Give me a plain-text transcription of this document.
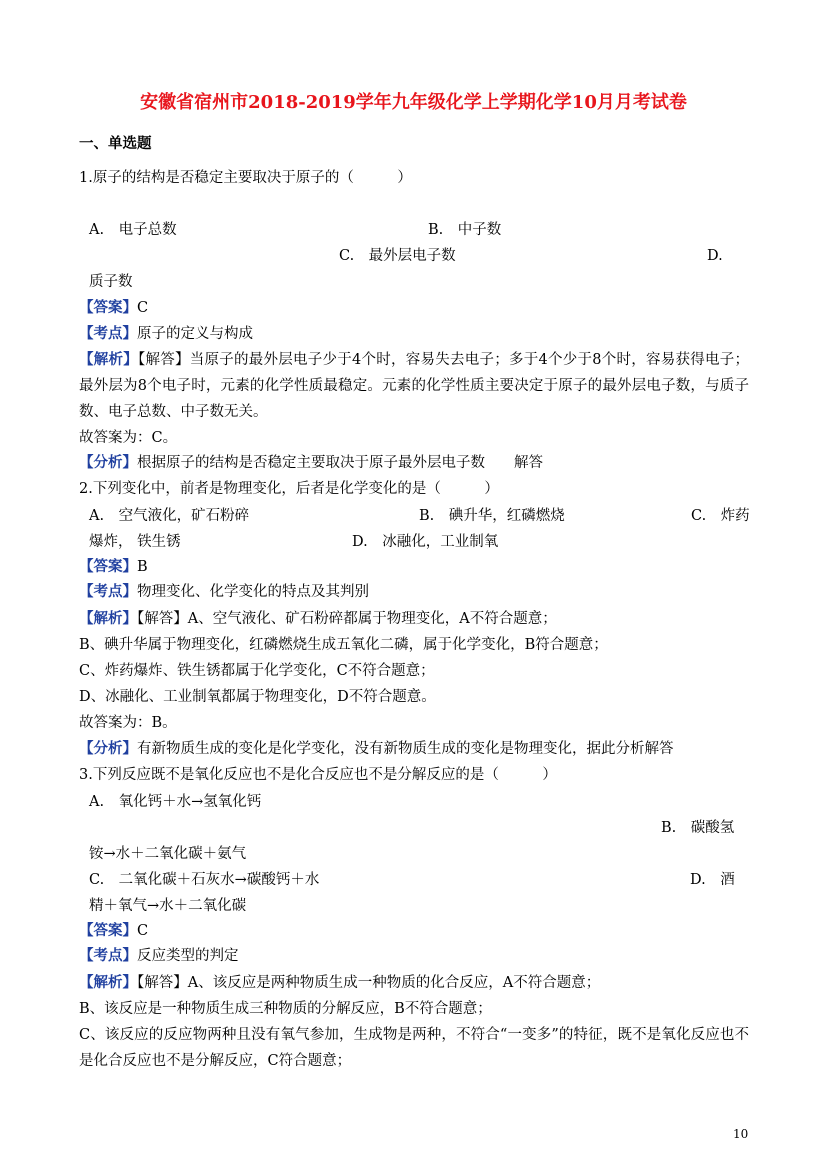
安徽省宿州市2018-2019学年九年级化学上学期化学10月月考试卷
一、单选题
1.原子的结构是否稳定主要取决于原子的（　　　）
A.　电子总数	B.　中子数
C.　最外层电子数	D.
质子数
【答案】C
【考点】原子的定义与构成
【解析】【解答】当原子的最外层电子少于4个时，容易失去电子；多于4个少于8个时，容易获得电子；最外层为8个电子时，元素的化学性质最稳定。元素的化学性质主要决定于原子的最外层电子数，与质子数、电子总数、中子数无关。
故答案为：C。
【分析】根据原子的结构是否稳定主要取决于原子最外层电子数　　解答
2.下列变化中，前者是物理变化，后者是化学变化的是（　　　）
A.　空气液化，矿石粉碎	B.　碘升华，红磷燃烧	C.　炸药
爆炸， 铁生锈	D.　冰融化，工业制氧
【答案】B
【考点】物理变化、化学变化的特点及其判别
【解析】【解答】A、空气液化、矿石粉碎都属于物理变化，A不符合题意；
B、碘升华属于物理变化，红磷燃烧生成五氧化二磷，属于化学变化，B符合题意；
C、炸药爆炸、铁生锈都属于化学变化，C不符合题意；
D、冰融化、工业制氧都属于物理变化，D不符合题意。
故答案为：B。
【分析】有新物质生成的变化是化学变化，没有新物质生成的变化是物理变化，据此分析解答
3.下列反应既不是氧化反应也不是化合反应也不是分解反应的是（　　　）
A.　氧化钙＋水→氢氧化钙
B.　碳酸氢
铵→水＋二氧化碳＋氨气
C.　二氧化碳＋石灰水→碳酸钙＋水	D.　酒
精＋氧气→水＋二氧化碳
【答案】C
【考点】反应类型的判定
【解析】【解答】A、该反应是两种物质生成一种物质的化合反应，A不符合题意；
B、该反应是一种物质生成三种物质的分解反应，B不符合题意；
C、该反应的反应物两种且没有氧气参加，生成物是两种，不符合“一变多”的特征，既不是氧化反应也不是化合反应也不是分解反应，C符合题意；
10
